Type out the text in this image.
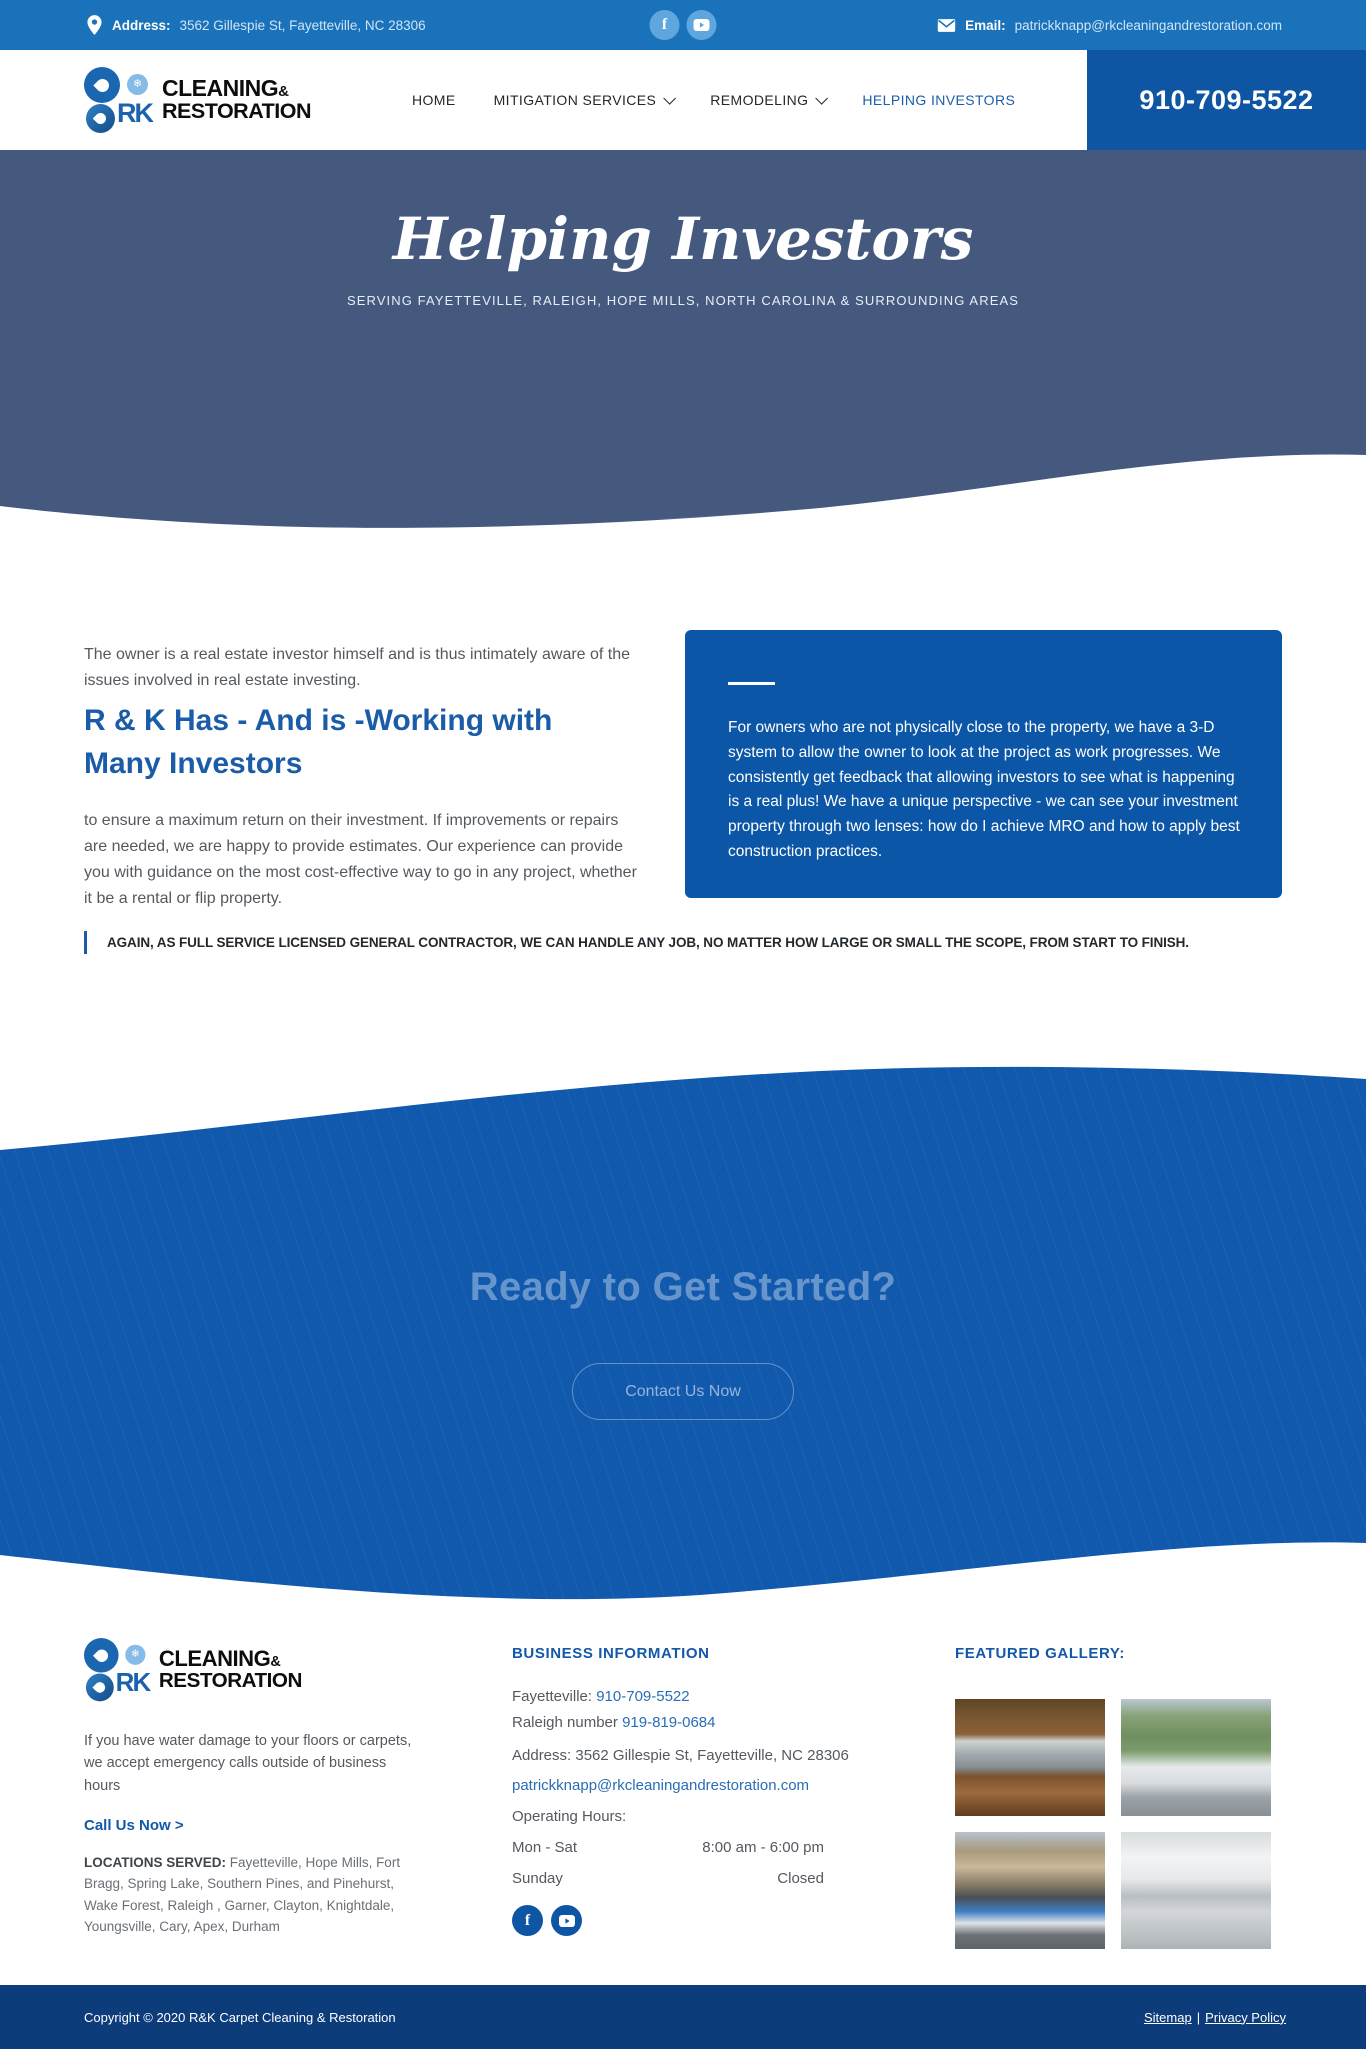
Address: 3562 Gillespie St, Fayetteville, NC 28306	f	Email: patrickknapp@rkcleaningandrestoration.com
❄
RK
CLEANING&
RESTORATION	HOME	MITIGATION SERVICES	REMODELING	HELPING INVESTORS	910-709-5522
Helping Investors
SERVING FAYETTEVILLE, RALEIGH, HOPE MILLS, NORTH CAROLINA & SURROUNDING AREAS

The owner is a real estate investor himself and is thus intimately aware of the issues involved in real estate investing.

R & K Has - And is -Working with Many Investors

to ensure a maximum return on their investment. If improvements or repairs are needed, we are happy to provide estimates. Our experience can provide you with guidance on the most cost-effective way to go in any project, whether it be a rental or flip property.

For owners who are not physically close to the property, we have a 3-D system to allow the owner to look at the project as work progresses. We consistently get feedback that allowing investors to see what is happening is a real plus! We have a unique perspective - we can see your investment property through two lenses: how do I achieve MRO and how to apply best construction practices.
AGAIN, AS FULL SERVICE LICENSED GENERAL CONTRACTOR, WE CAN HANDLE ANY JOB, NO MATTER HOW LARGE OR SMALL THE SCOPE, FROM START TO FINISH.
Ready to Get Started?
Contact Us Now
❄
RK
CLEANING&
RESTORATION

If you have water damage to your floors or carpets, we accept emergency calls outside of business hours

Call Us Now >

LOCATIONS SERVED: Fayetteville, Hope Mills, Fort Bragg, Spring Lake, Southern Pines, and Pinehurst, Wake Forest, Raleigh , Garner, Clayton, Knightdale, Youngsville, Cary, Apex, Durham

BUSINESS INFORMATION
Fayetteville: 910-709-5522
Raleigh number 919-819-0684
Address: 3562 Gillespie St, Fayetteville, NC 28306
patrickknapp@rkcleaningandrestoration.com
Operating Hours:
Mon - Sat	8:00 am - 6:00 pm
Sunday	Closed
f
FEATURED GALLERY:
Copyright © 2020 R&K Carpet Cleaning & Restoration	Sitemap | Privacy Policy
